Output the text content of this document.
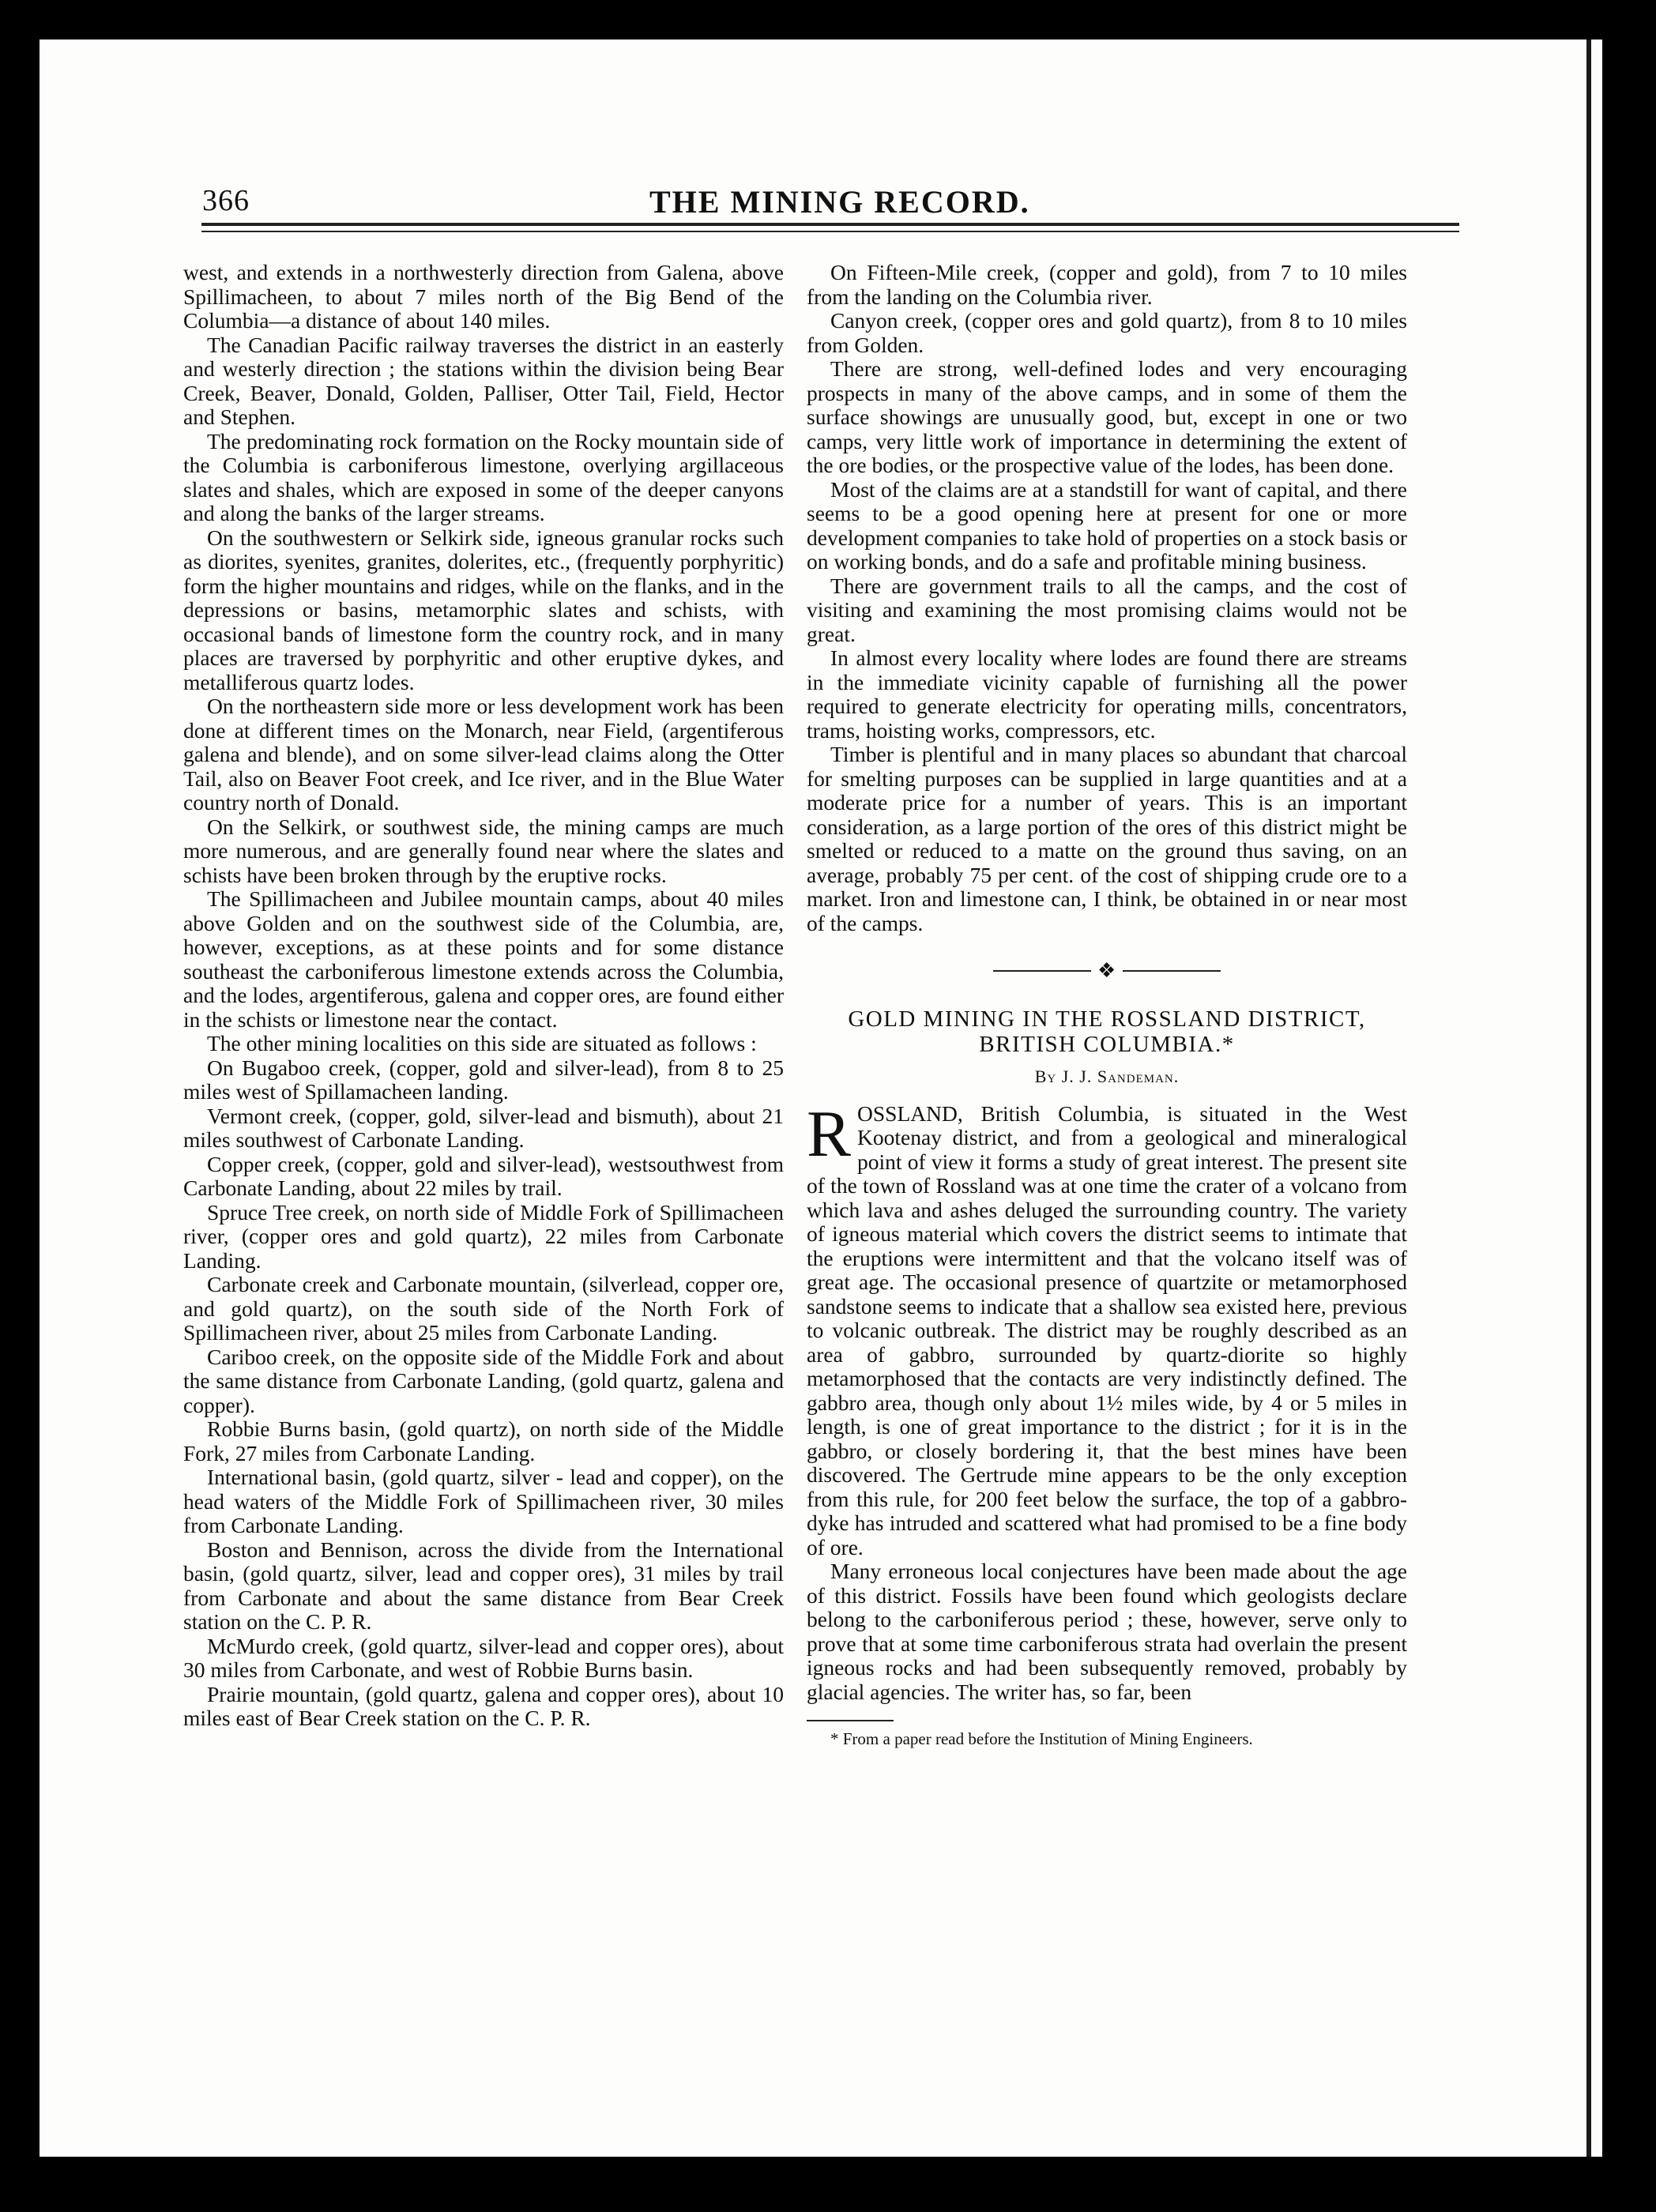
366	THE MINING RECORD.

west, and extends in a northwesterly direction from Galena, above Spillimacheen, to about 7 miles north of the Big Bend of the Columbia—a distance of about 140 miles.

The Canadian Pacific railway traverses the district in an easterly and westerly direction ; the stations within the division being Bear Creek, Beaver, Donald, Golden, Palliser, Otter Tail, Field, Hector and Stephen.

The predominating rock formation on the Rocky mountain side of the Columbia is carboniferous limestone, overlying argillaceous slates and shales, which are exposed in some of the deeper canyons and along the banks of the larger streams.

On the southwestern or Selkirk side, igneous granular rocks such as diorites, syenites, granites, dolerites, etc., (frequently porphyritic) form the higher mountains and ridges, while on the flanks, and in the depressions or basins, metamorphic slates and schists, with occasional bands of limestone form the country rock, and in many places are traversed by porphyritic and other eruptive dykes, and metalliferous quartz lodes.

On the northeastern side more or less development work has been done at different times on the Monarch, near Field, (argentiferous galena and blende), and on some silver-lead claims along the Otter Tail, also on Beaver Foot creek, and Ice river, and in the Blue Water country north of Donald.

On the Selkirk, or southwest side, the mining camps are much more numerous, and are generally found near where the slates and schists have been broken through by the eruptive rocks.

The Spillimacheen and Jubilee mountain camps, about 40 miles above Golden and on the southwest side of the Columbia, are, however, exceptions, as at these points and for some distance southeast the carboniferous limestone extends across the Columbia, and the lodes, argentiferous, galena and copper ores, are found either in the schists or limestone near the contact.

The other mining localities on this side are situated as follows :

On Bugaboo creek, (copper, gold and silver-lead), from 8 to 25 miles west of Spillamacheen landing.

Vermont creek, (copper, gold, silver-lead and bismuth), about 21 miles southwest of Carbonate Landing.

Copper creek, (copper, gold and silver-lead), westsouthwest from Carbonate Landing, about 22 miles by trail.

Spruce Tree creek, on north side of Middle Fork of Spillimacheen river, (copper ores and gold quartz), 22 miles from Carbonate Landing.

Carbonate creek and Carbonate mountain, (silverlead, copper ore, and gold quartz), on the south side of the North Fork of Spillimacheen river, about 25 miles from Carbonate Landing.

Cariboo creek, on the opposite side of the Middle Fork and about the same distance from Carbonate Landing, (gold quartz, galena and copper).

Robbie Burns basin, (gold quartz), on north side of the Middle Fork, 27 miles from Carbonate Landing.

International basin, (gold quartz, silver - lead and copper), on the head waters of the Middle Fork of Spillimacheen river, 30 miles from Carbonate Landing.

Boston and Bennison, across the divide from the International basin, (gold quartz, silver, lead and copper ores), 31 miles by trail from Carbonate and about the same distance from Bear Creek station on the C. P. R.

McMurdo creek, (gold quartz, silver-lead and copper ores), about 30 miles from Carbonate, and west of Robbie Burns basin.

Prairie mountain, (gold quartz, galena and copper ores), about 10 miles east of Bear Creek station on the C. P. R.

On Fifteen-Mile creek, (copper and gold), from 7 to 10 miles from the landing on the Columbia river.

Canyon creek, (copper ores and gold quartz), from 8 to 10 miles from Golden.

There are strong, well-defined lodes and very encouraging prospects in many of the above camps, and in some of them the surface showings are unusually good, but, except in one or two camps, very little work of importance in determining the extent of the ore bodies, or the prospective value of the lodes, has been done.

Most of the claims are at a standstill for want of capital, and there seems to be a good opening here at present for one or more development companies to take hold of properties on a stock basis or on working bonds, and do a safe and profitable mining business.

There are government trails to all the camps, and the cost of visiting and examining the most promising claims would not be great.

In almost every locality where lodes are found there are streams in the immediate vicinity capable of furnishing all the power required to generate electricity for operating mills, concentrators, trams, hoisting works, compressors, etc.

Timber is plentiful and in many places so abundant that charcoal for smelting purposes can be supplied in large quantities and at a moderate price for a number of years. This is an important consideration, as a large portion of the ores of this district might be smelted or reduced to a matte on the ground thus saving, on an average, probably 75 per cent. of the cost of shipping crude ore to a market. Iron and limestone can, I think, be obtained in or near most of the camps.

❖
GOLD MINING IN THE ROSSLAND DISTRICT,
BRITISH COLUMBIA.*
By J. J. Sandeman.

ROSSLAND, British Columbia, is situated in the West Kootenay district, and from a geological and mineralogical point of view it forms a study of great interest. The present site of the town of Rossland was at one time the crater of a volcano from which lava and ashes deluged the surrounding country. The variety of igneous material which covers the district seems to intimate that the eruptions were intermittent and that the volcano itself was of great age. The occasional presence of quartzite or metamorphosed sandstone seems to indicate that a shallow sea existed here, previous to volcanic outbreak. The district may be roughly described as an area of gabbro, surrounded by quartz-diorite so highly metamorphosed that the contacts are very indistinctly defined. The gabbro area, though only about 1½ miles wide, by 4 or 5 miles in length, is one of great importance to the district ; for it is in the gabbro, or closely bordering it, that the best mines have been discovered. The Gertrude mine appears to be the only exception from this rule, for 200 feet below the surface, the top of a gabbro-dyke has intruded and scattered what had promised to be a fine body of ore.

Many erroneous local conjectures have been made about the age of this district. Fossils have been found which geologists declare belong to the carboniferous period ; these, however, serve only to prove that at some time carboniferous strata had overlain the present igneous rocks and had been subsequently removed, probably by glacial agencies. The writer has, so far, been

* From a paper read before the Institution of Mining Engineers.
